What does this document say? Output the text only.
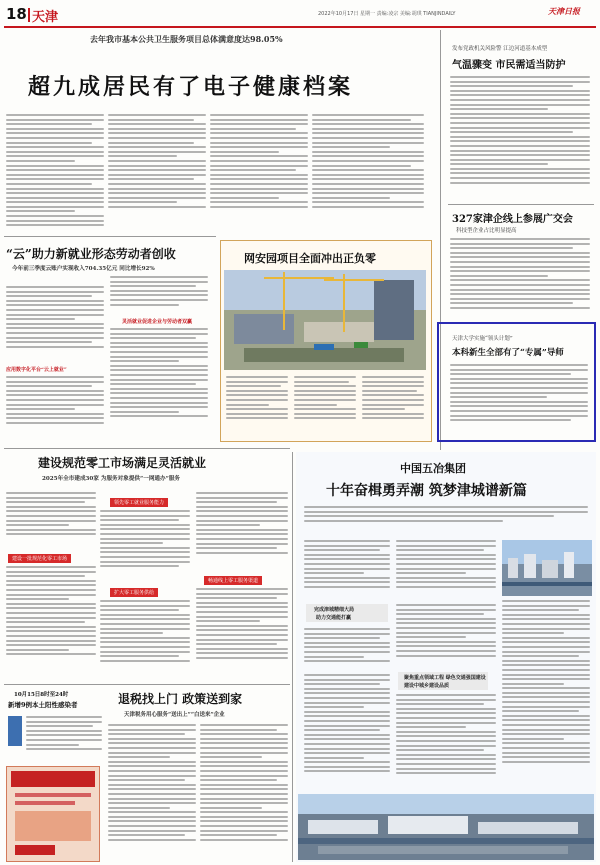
18 天津	2022年10月17日 星期一 责编:凌宗 美编:胡琪 TIANJINDAILY	天津日报
去年我市基本公共卫生服务项目总体满意度达98.05%
超九成居民有了电子健康档案
发布党政机关风险警 江边河道基本成型
气温骤变 市民需适当防护
327家津企线上参展广交会
科技型企业占比明显提高
天津大学实施“领头计划”
本科新生全部有了“专属”导师
“云”助力新就业形态劳动者创收
今年前三季度云账户实现收入704.35亿元 同比增长92%
应用数字化平台“云上就业”
灵活就业促进企业与劳动者双赢
网安园项目全面冲出正负零
建设规范零工市场满足灵活就业
2025年全市建成30家 为服务对象提供“一网通办”服务
建设一批规范化零工市场
领先零工就业服务能力
扩大零工服务供给
畅通线上零工服务渠道
10月15日8时至24时
新增9例本土阳性感染者	退税找上门 政策送到家
天津税务用心服务“送出上”“白送来”企业
中国五冶集团
十年奋楫勇弄潮 筑梦津城谱新篇
完成津城精细大局
助力交通能打赢
聚焦重点领域工程 绿色交通强国建设
建设中城乡建设品质
